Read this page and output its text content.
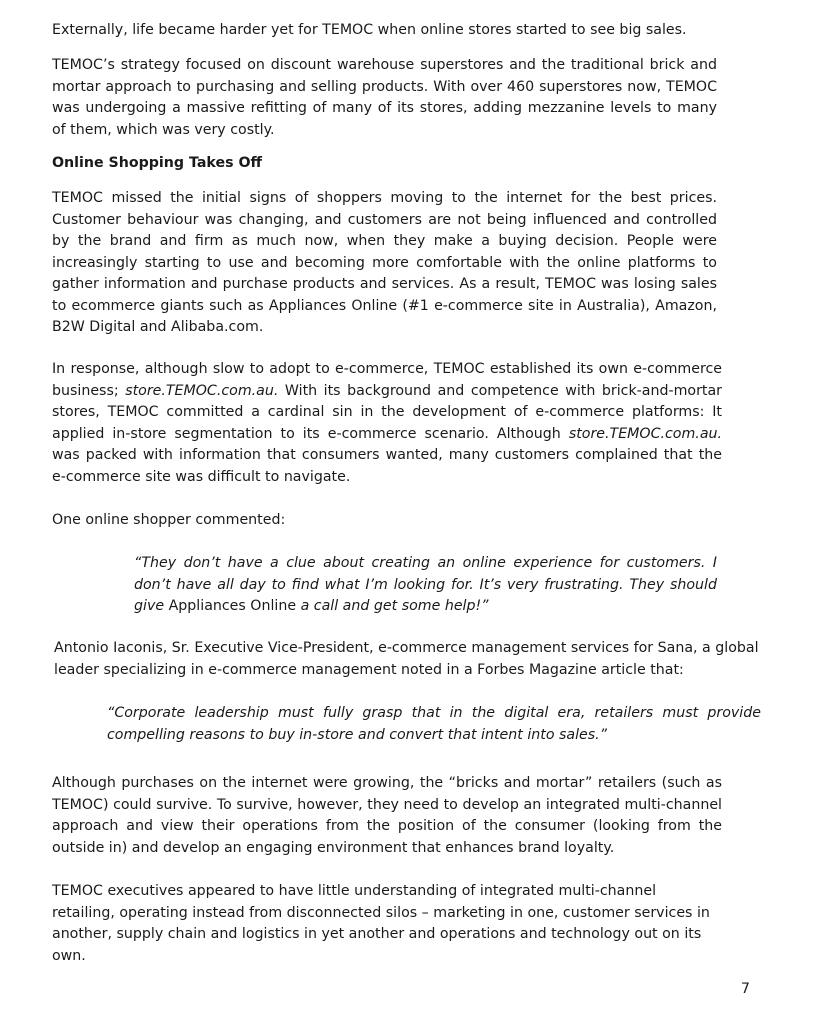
Externally, life became harder yet for TEMOC when online stores started to see big sales.

TEMOC’s strategy focused on discount warehouse superstores and the traditional brick and mortar approach to purchasing and selling products. With over 460 superstores now, TEMOC was undergoing a massive refitting of many of its stores, adding mezzanine levels to many of them, which was very costly.

Online Shopping Takes Off

TEMOC missed the initial signs of shoppers moving to the internet for the best prices. Customer behaviour was changing, and customers are not being influenced and controlled by the brand and firm as much now, when they make a buying decision. People were increasingly starting to use and becoming more comfortable with the online platforms to gather information and purchase products and services. As a result, TEMOC was losing sales to ecommerce giants such as Appliances Online (#1 e-commerce site in Australia), Amazon, B2W Digital and Alibaba.com.

In response, although slow to adopt to e-commerce, TEMOC established its own e-commerce business; store.TEMOC.com.au. With its background and competence with brick-and-mortar stores, TEMOC committed a cardinal sin in the development of e-commerce platforms: It applied in-store segmentation to its e-commerce scenario. Although store.TEMOC.com.au. was packed with information that consumers wanted, many customers complained that the e-commerce site was difficult to navigate.

One online shopper commented:

“They don’t have a clue about creating an online experience for customers. I don’t have all day to find what I’m looking for. It’s very frustrating. They should give Appliances Online a call and get some help!”

Antonio Iaconis, Sr. Executive Vice-President, e-commerce management services for Sana, a global leader specializing in e-commerce management noted in a Forbes Magazine article that:

“Corporate leadership must fully grasp that in the digital era, retailers must provide compelling reasons to buy in-store and convert that intent into sales.”

Although purchases on the internet were growing, the “bricks and mortar” retailers (such as TEMOC) could survive. To survive, however, they need to develop an integrated multi-channel approach and view their operations from the position of the consumer (looking from the outside in) and develop an engaging environment that enhances brand loyalty.

TEMOC executives appeared to have little understanding of integrated multi-channel retailing, operating instead from disconnected silos – marketing in one, customer services in another, supply chain and logistics in yet another and operations and technology out on its own.

7
